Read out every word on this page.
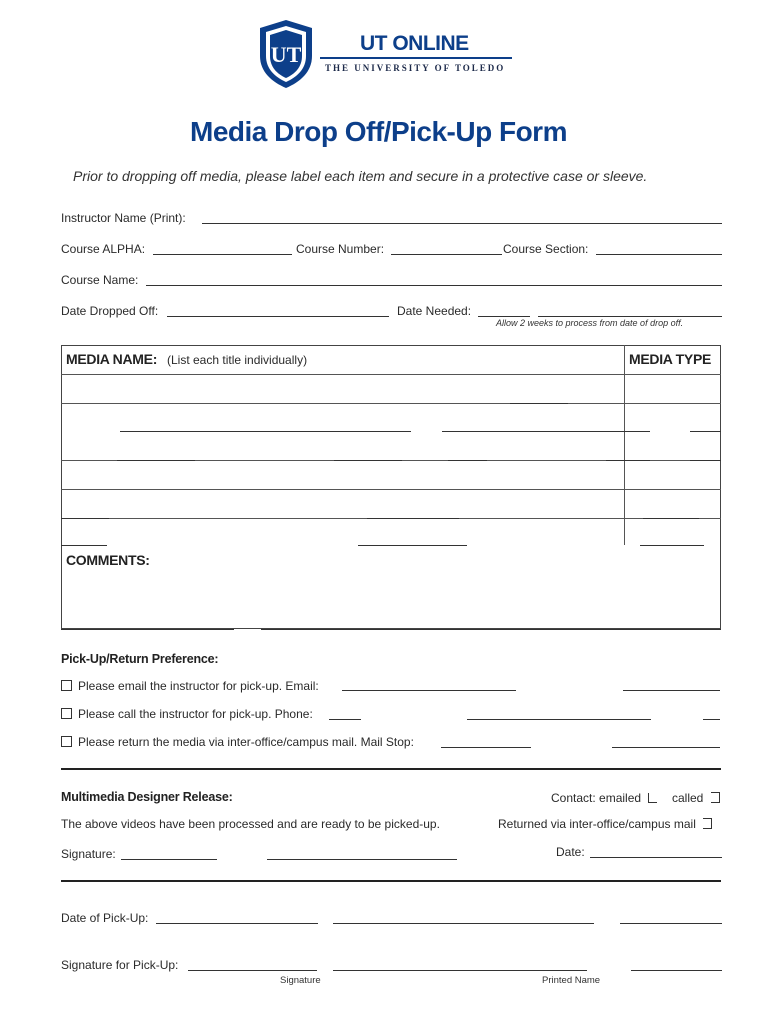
UT	UT ONLINE
THE UNIVERSITY OF TOLEDO
Media Drop Off/Pick-Up Form
Prior to dropping off media, please label each item and secure in a protective case or sleeve.
Instructor Name (Print):
Course ALPHA:	Course Number:	Course Section:
Course Name:
Date Dropped Off:	Date Needed:
Allow 2 weeks to process from date of drop off.
MEDIA NAME: (List each title individually)	MEDIA TYPE
COMMENTS:
Pick-Up/Return Preference:
Please email the instructor for pick-up. Email:
Please call the instructor for pick-up. Phone:
Please return the media via inter-office/campus mail. Mail Stop:
Multimedia Designer Release:	Contact: emailed	called
The above videos have been processed and are ready to be picked-up.	Returned via inter-office/campus mail
Signature:	Date:
Date of Pick-Up:
Signature for Pick-Up:
Signature	Printed Name
